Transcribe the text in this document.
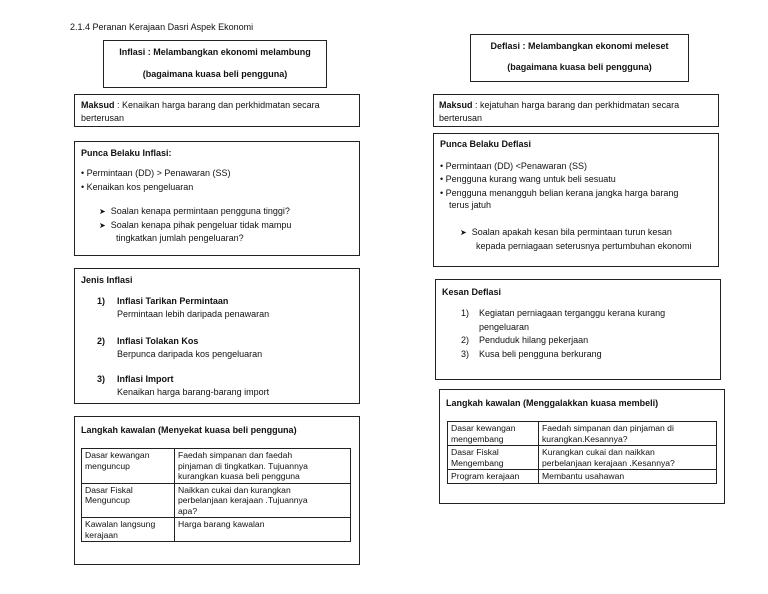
2.1.4 Peranan Kerajaan Dasri Aspek Ekonomi
Inflasi : Melambangkan ekonomi melambung
(bagaimana kuasa beli pengguna)
Maksud : Kenaikan harga barang dan perkhidmatan secara
berterusan
Punca Belaku Inflasi:
• Permintaan (DD) > Penawaran (SS)
• Kenaikan kos pengeluaran
➤ Soalan kenapa permintaan pengguna tinggi?
➤ Soalan kenapa pihak pengeluar tidak mampu
tingkatkan jumlah pengeluaran?
Jenis Inflasi
1) Inflasi Tarikan Permintaan
Permintaan lebih daripada penawaran
2) Inflasi Tolakan Kos
Berpunca daripada kos pengeluaran
3) Inflasi Import
Kenaikan harga barang-barang import
Langkah kawalan (Menyekat kuasa beli pengguna)
Dasar kewangan
menguncup	Faedah simpanan dan faedah
pinjaman di tingkatkan. Tujuannya
kurangkan kuasa beli pengguna
Dasar Fiskal
Menguncup	Naikkan cukai dan kurangkan
perbelanjaan kerajaan .Tujuannya
apa?
Kawalan langsung
kerajaan	Harga barang kawalan
Deflasi : Melambangkan ekonomi meleset
(bagaimana kuasa beli pengguna)
Maksud : kejatuhan harga barang dan perkhidmatan secara
berterusan
Punca Belaku Deflasi
• Permintaan (DD) <Penawaran (SS)
• Pengguna kurang wang untuk beli sesuatu
• Pengguna menangguh belian kerana jangka harga barang
terus jatuh
➤ Soalan apakah kesan bila permintaan turun kesan
kepada perniagaan seterusnya pertumbuhan ekonomi
Kesan Deflasi
1) Kegiatan perniagaan terganggu kerana kurang
pengeluaran
2) Penduduk hilang pekerjaan
3) Kusa beli pengguna berkurang
Langkah kawalan (Menggalakkan kuasa membeli)
Dasar kewangan
mengembang	Faedah simpanan dan pinjaman di
kurangkan.Kesannya?
Dasar Fiskal
Mengembang	Kurangkan cukai dan naikkan
perbelanjaan kerajaan .Kesannya?
Program kerajaan	Membantu usahawan
